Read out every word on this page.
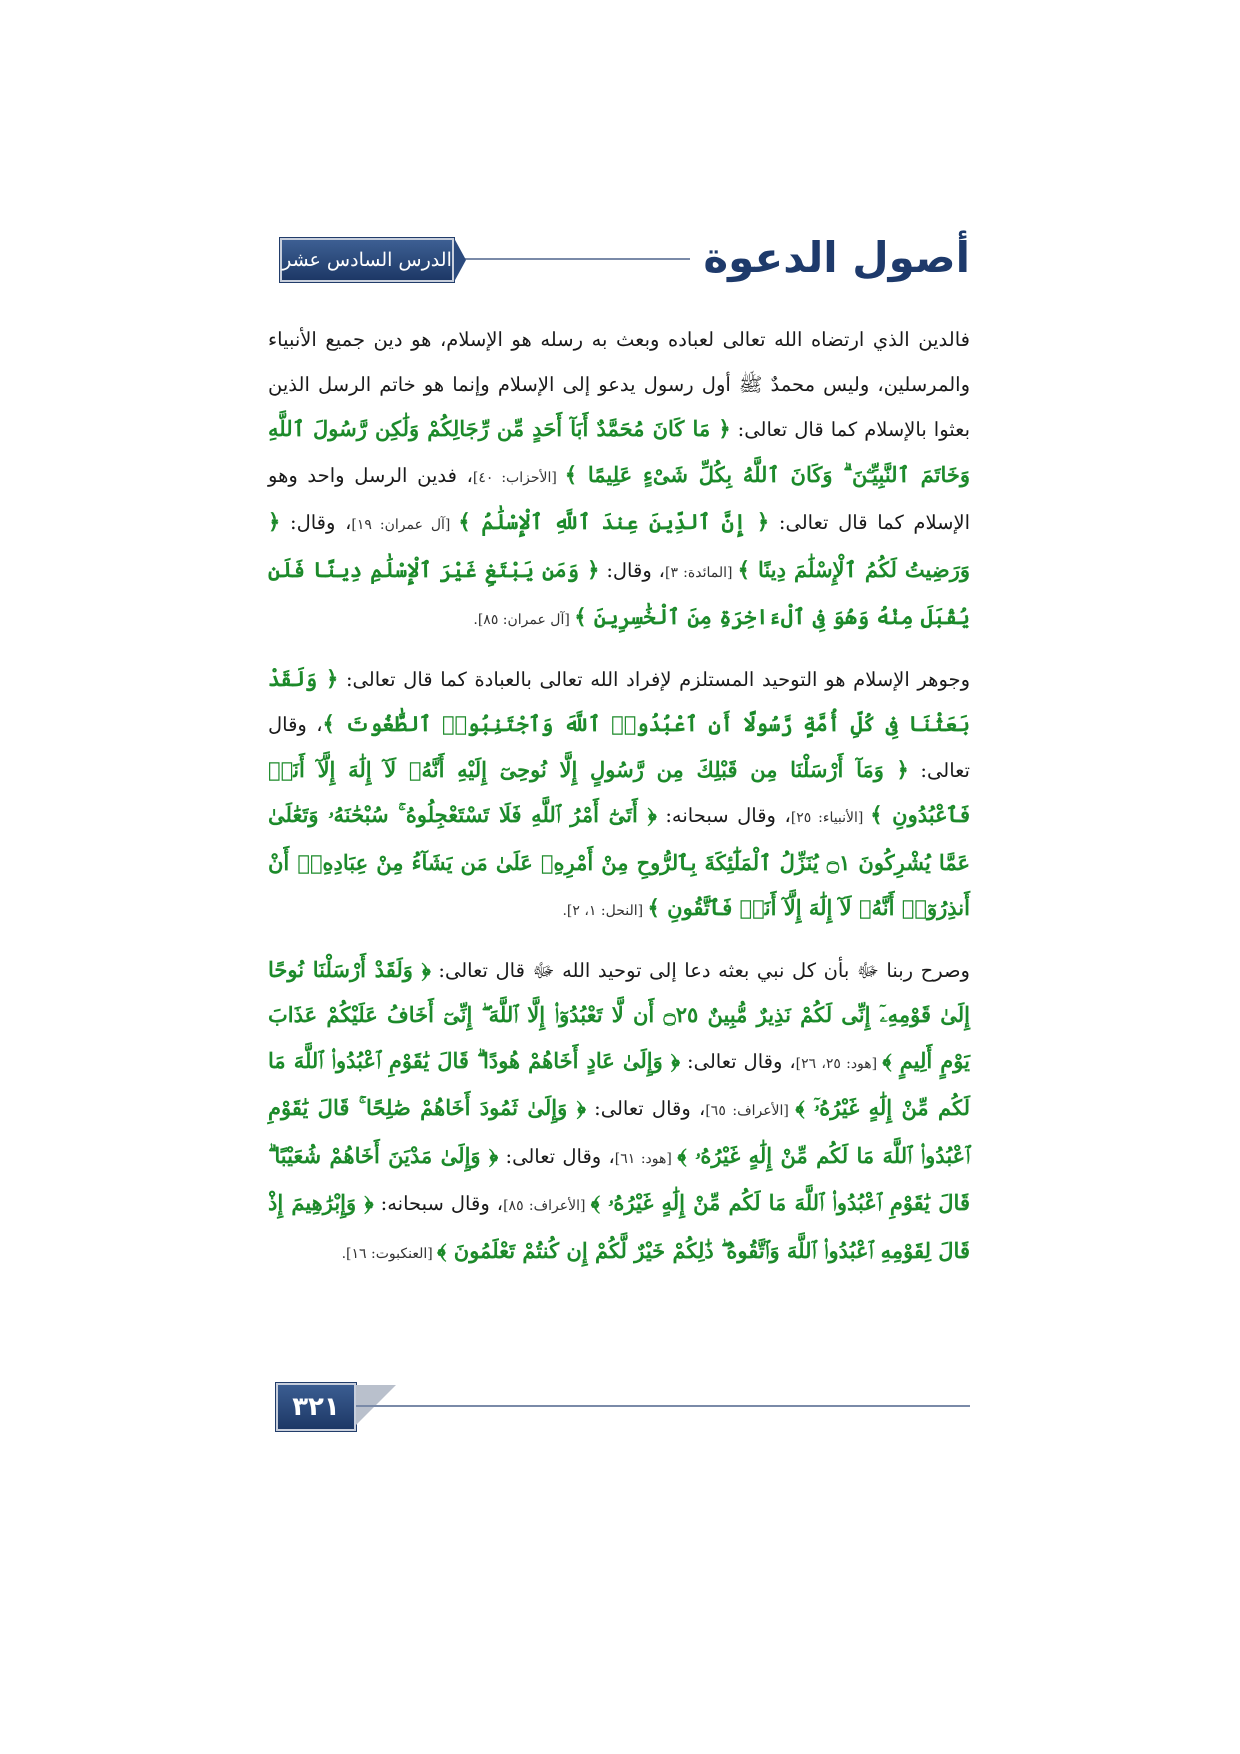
أصول الدعوة
الدرس السادس عشر

فالدين الذي ارتضاه الله تعالى لعباده وبعث به رسله هو الإسلام، هو دين جميع الأنبياء والمرسلين، وليس محمدٌ ﷺ أول رسول يدعو إلى الإسلام وإنما هو خاتم الرسل الذين بعثوا بالإسلام كما قال تعالى: ﴿ مَا كَانَ مُحَمَّدٌ أَبَآ أَحَدٍ مِّن رِّجَالِكُمْ وَلَٰكِن رَّسُولَ ٱللَّهِ وَخَاتَمَ ٱلنَّبِيِّـۧنَ ۗ وَكَانَ ٱللَّهُ بِكُلِّ شَىْءٍ عَلِيمًا ﴾ [الأحزاب: ٤٠]، فدين الرسل واحد وهو الإسلام كما قال تعالى: ﴿ إِنَّ ٱلدِّينَ عِندَ ٱللَّهِ ٱلْإِسْلَٰمُ ﴾ [آل عمران: ١٩]، وقال: ﴿ وَرَضِيتُ لَكُمُ ٱلْإِسْلَٰمَ دِينًا ﴾ [المائدة: ٣]، وقال: ﴿ وَمَن يَبْتَغِ غَيْرَ ٱلْإِسْلَٰمِ دِينًا فَلَن يُقْبَلَ مِنْهُ وَهُوَ فِى ٱلْءَاخِرَةِ مِنَ ٱلْخَٰسِرِينَ ﴾ [آل عمران: ٨٥].

وجوهر الإسلام هو التوحيد المستلزم لإفراد الله تعالى بالعبادة كما قال تعالى: ﴿ وَلَقَدْ بَعَثْنَا فِى كُلِّ أُمَّةٍ رَّسُولًا أَنِ ٱعْبُدُوا۟ ٱللَّهَ وَٱجْتَنِبُوا۟ ٱلطَّٰغُوتَ ﴾، وقال تعالى: ﴿ وَمَآ أَرْسَلْنَا مِن قَبْلِكَ مِن رَّسُولٍ إِلَّا نُوحِىٓ إِلَيْهِ أَنَّهُۥ لَآ إِلَٰهَ إِلَّآ أَنَا۠ فَٱعْبُدُونِ ﴾ [الأنبياء: ٢٥]، وقال سبحانه: ﴿ أَتَىٰٓ أَمْرُ ٱللَّهِ فَلَا تَسْتَعْجِلُوهُ ۚ سُبْحَٰنَهُۥ وَتَعَٰلَىٰ عَمَّا يُشْرِكُونَ ۝١ يُنَزِّلُ ٱلْمَلَٰٓئِكَةَ بِٱلرُّوحِ مِنْ أَمْرِهِۦ عَلَىٰ مَن يَشَآءُ مِنْ عِبَادِهِۦٓ أَنْ أَنذِرُوٓا۟ أَنَّهُۥ لَآ إِلَٰهَ إِلَّآ أَنَا۠ فَٱتَّقُونِ ﴾ [النحل: ١، ٢].

وصرح ربنا ﷻ بأن كل نبي بعثه دعا إلى توحيد الله ﷻ قال تعالى: ﴿ وَلَقَدْ أَرْسَلْنَا نُوحًا إِلَىٰ قَوْمِهِۦٓ إِنِّى لَكُمْ نَذِيرٌ مُّبِينٌ ۝٢٥ أَن لَّا تَعْبُدُوٓا۟ إِلَّا ٱللَّهَ ۖ إِنِّىٓ أَخَافُ عَلَيْكُمْ عَذَابَ يَوْمٍ أَلِيمٍ ﴾ [هود: ٢٥، ٢٦]، وقال تعالى: ﴿ وَإِلَىٰ عَادٍ أَخَاهُمْ هُودًا ۗ قَالَ يَٰقَوْمِ ٱعْبُدُوا۟ ٱللَّهَ مَا لَكُم مِّنْ إِلَٰهٍ غَيْرُهُۥٓ ﴾ [الأعراف: ٦٥]، وقال تعالى: ﴿ وَإِلَىٰ ثَمُودَ أَخَاهُمْ صَٰلِحًا ۚ قَالَ يَٰقَوْمِ ٱعْبُدُوا۟ ٱللَّهَ مَا لَكُم مِّنْ إِلَٰهٍ غَيْرُهُۥ ﴾ [هود: ٦١]، وقال تعالى: ﴿ وَإِلَىٰ مَدْيَنَ أَخَاهُمْ شُعَيْبًا ۗ قَالَ يَٰقَوْمِ ٱعْبُدُوا۟ ٱللَّهَ مَا لَكُم مِّنْ إِلَٰهٍ غَيْرُهُۥ ﴾ [الأعراف: ٨٥]، وقال سبحانه: ﴿ وَإِبْرَٰهِيمَ إِذْ قَالَ لِقَوْمِهِ ٱعْبُدُوا۟ ٱللَّهَ وَٱتَّقُوهُ ۖ ذَٰلِكُمْ خَيْرٌ لَّكُمْ إِن كُنتُمْ تَعْلَمُونَ ﴾ [العنكبوت: ١٦].

٣٢١
